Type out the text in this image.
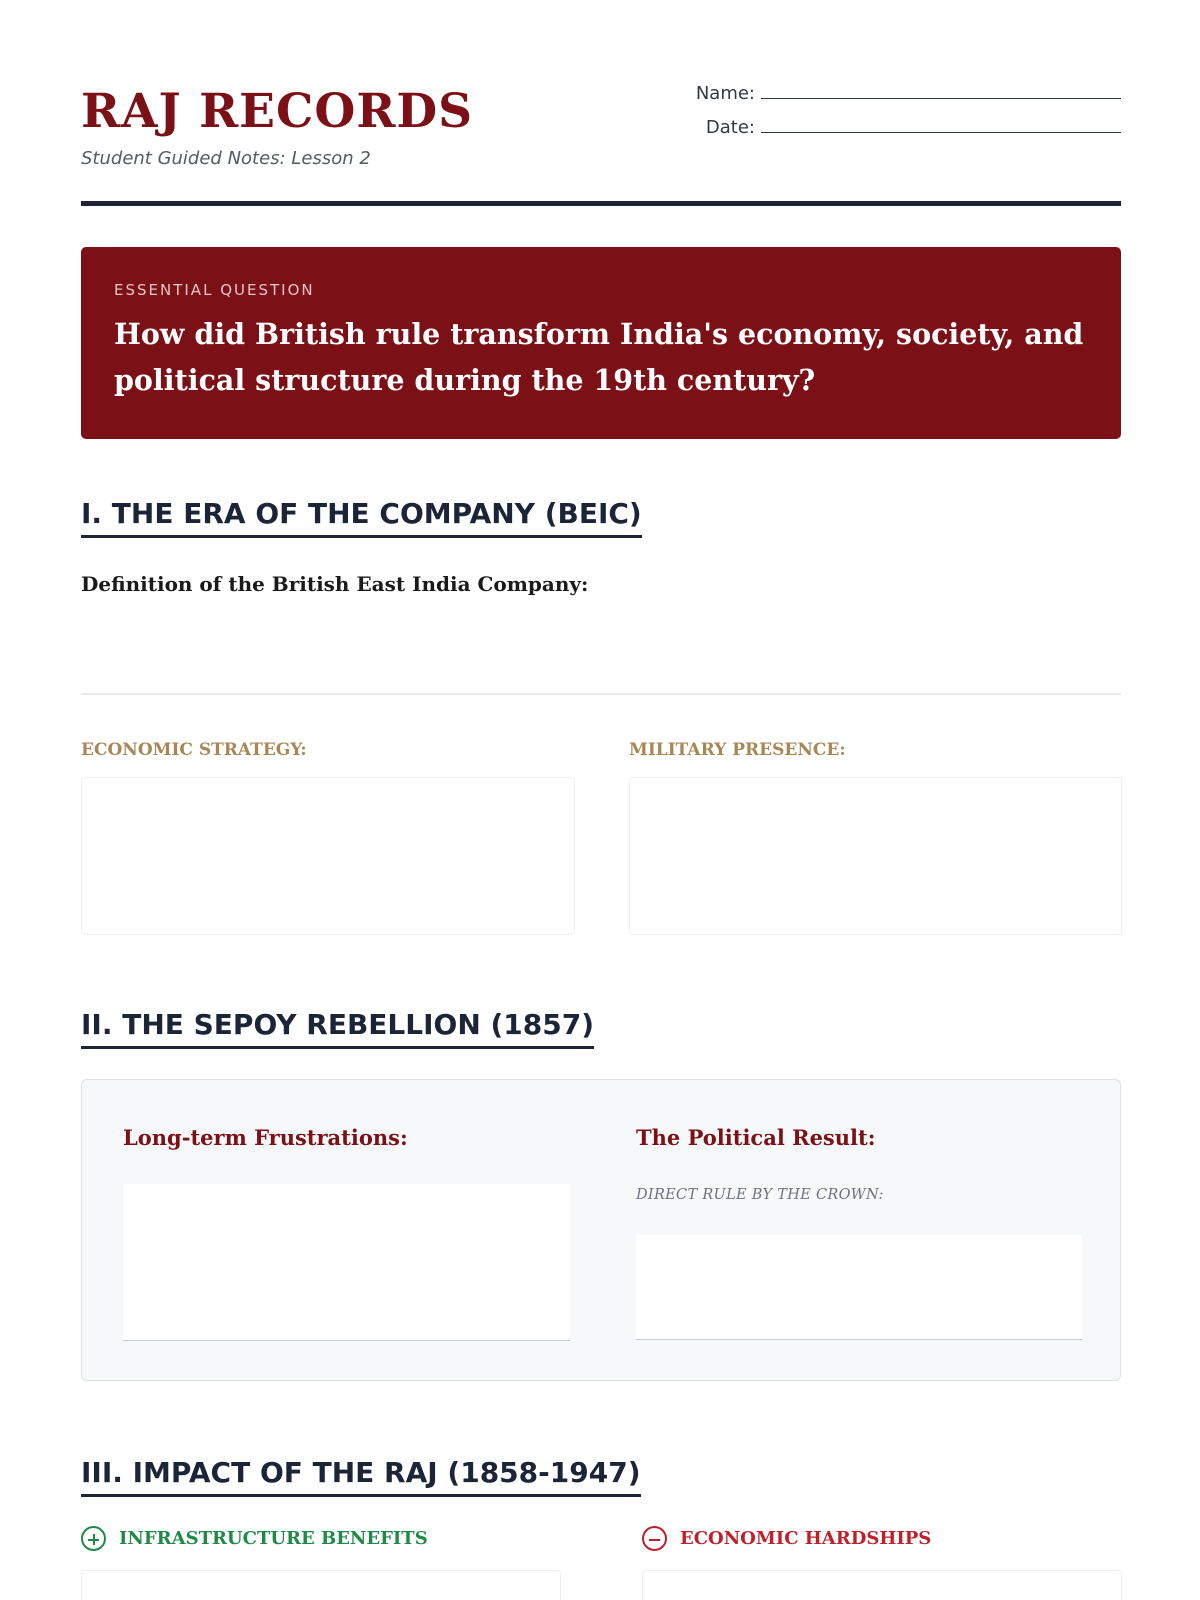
RAJ RECORDS
Student Guided Notes: Lesson 2
Name:
Date:
ESSENTIAL QUESTION
How did British rule transform India's economy, society, and political structure during the 19th century?
I. THE ERA OF THE COMPANY (BEIC)
Definition of the British East India Company:
ECONOMIC STRATEGY:	MILITARY PRESENCE:
II. THE SEPOY REBELLION (1857)
Long-term Frustrations:	The Political Result:
DIRECT RULE BY THE CROWN:
III. IMPACT OF THE RAJ (1858-1947)
INFRASTRUCTURE BENEFITS	ECONOMIC HARDSHIPS
